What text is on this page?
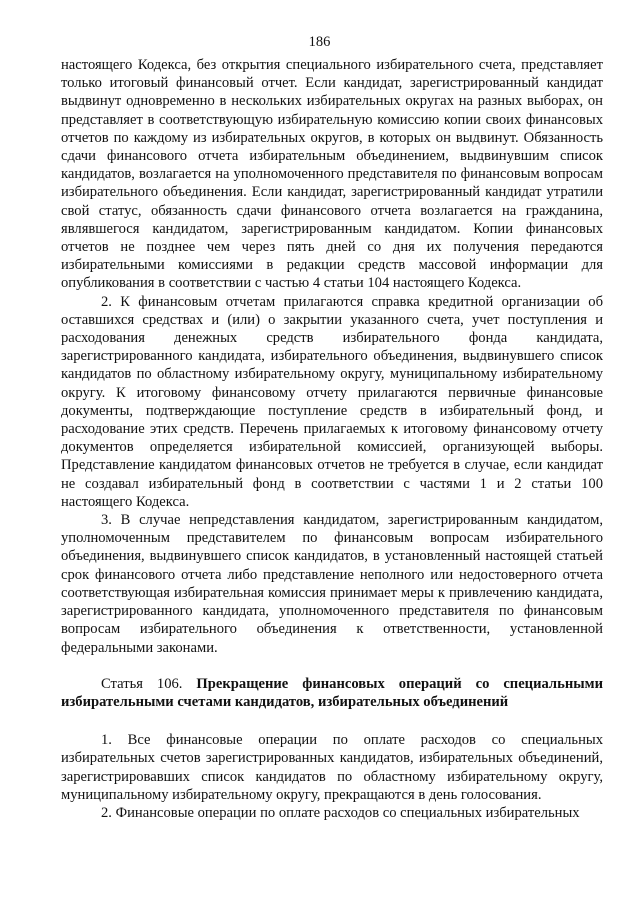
186

настоящего Кодекса, без открытия специального избирательного счета, представляет только итоговый финансовый отчет. Если кандидат, зарегистрированный кандидат выдвинут одновременно в нескольких избирательных округах на разных выборах, он представляет в соответствующую избирательную комиссию копии своих финансовых отчетов по каждому из избирательных округов, в которых он выдвинут. Обязанность сдачи финансового отчета избирательным объединением, выдвинувшим список кандидатов, возлагается на уполномоченного представителя по финансовым вопросам избирательного объединения. Если кандидат, зарегистрированный кандидат утратили свой статус, обязанность сдачи финансового отчета возлагается на гражданина, являвшегося кандидатом, зарегистрированным кандидатом. Копии финансовых отчетов не позднее чем через пять дней со дня их получения передаются избирательными комиссиями в редакции средств массовой информации для опубликования в соответствии с частью 4 статьи 104 настоящего Кодекса.

2. К финансовым отчетам прилагаются справка кредитной организации об оставшихся средствах и (или) о закрытии указанного счета, учет поступления и расходования денежных средств избирательного фонда кандидата, зарегистрированного кандидата, избирательного объединения, выдвинувшего список кандидатов по областному избирательному округу, муниципальному избирательному округу. К итоговому финансовому отчету прилагаются первичные финансовые документы, подтверждающие поступление средств в избирательный фонд, и расходование этих средств. Перечень прилагаемых к итоговому финансовому отчету документов определяется избирательной комиссией, организующей выборы. Представление кандидатом финансовых отчетов не требуется в случае, если кандидат не создавал избирательный фонд в соответствии с частями 1 и 2 статьи 100 настоящего Кодекса.

3. В случае непредставления кандидатом, зарегистрированным кандидатом, уполномоченным представителем по финансовым вопросам избирательного объединения, выдвинувшего список кандидатов, в установленный настоящей статьей срок финансового отчета либо представление неполного или недостоверного отчета соответствующая избирательная комиссия принимает меры к привлечению кандидата, зарегистрированного кандидата, уполномоченного представителя по финансовым вопросам избирательного объединения к ответственности, установленной федеральными законами.

Статья 106. Прекращение финансовых операций со специальными избирательными счетами кандидатов, избирательных объединений

1. Все финансовые операции по оплате расходов со специальных избирательных счетов зарегистрированных кандидатов, избирательных объединений, зарегистрировавших список кандидатов по областному избирательному округу, муниципальному избирательному округу, прекращаются в день голосования.

2. Финансовые операции по оплате расходов со специальных избирательных
